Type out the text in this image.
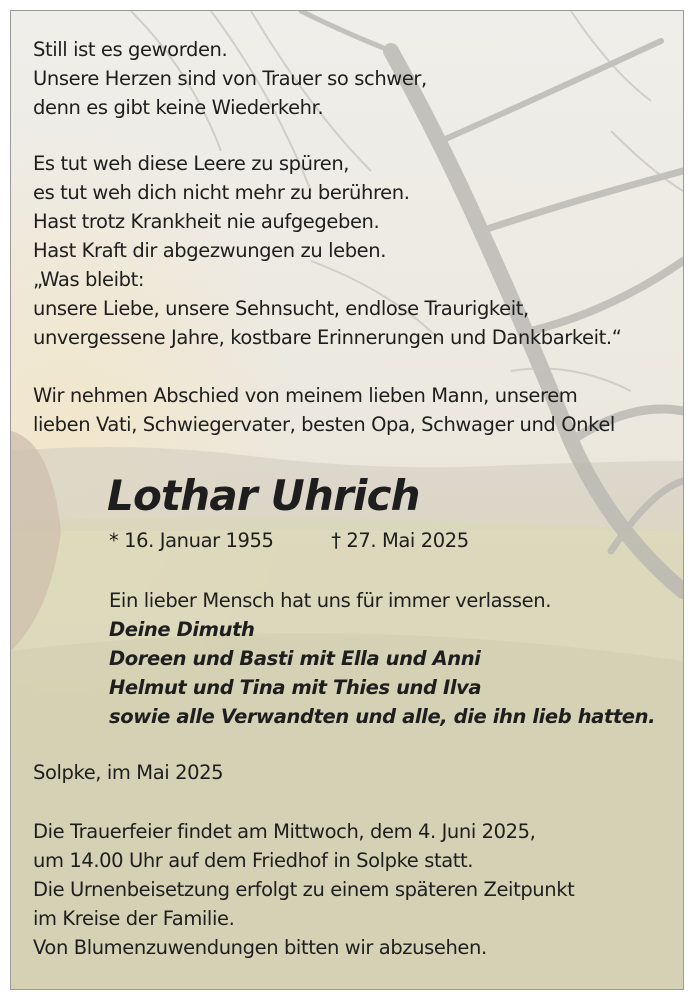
Still ist es geworden.
Unsere Herzen sind von Trauer so schwer,
denn es gibt keine Wiederkehr.
Es tut weh diese Leere zu spüren,
es tut weh dich nicht mehr zu berühren.
Hast trotz Krankheit nie aufgegeben.
Hast Kraft dir abgezwungen zu leben.
„Was bleibt:
unsere Liebe, unsere Sehnsucht, endlose Traurigkeit,
unvergessene Jahre, kostbare Erinnerungen und Dankbarkeit.“
Wir nehmen Abschied von meinem lieben Mann, unserem
lieben Vati, Schwiegervater, besten Opa, Schwager und Onkel
Lothar Uhrich
* 16. Januar 1955	† 27. Mai 2025
Ein lieber Mensch hat uns für immer verlassen.
Deine Dimuth
Doreen und Basti mit Ella und Anni
Helmut und Tina mit Thies und Ilva
sowie alle Verwandten und alle, die ihn lieb hatten.
Solpke, im Mai 2025
Die Trauerfeier findet am Mittwoch, dem 4. Juni 2025,
um 14.00 Uhr auf dem Friedhof in Solpke statt.
Die Urnenbeisetzung erfolgt zu einem späteren Zeitpunkt
im Kreise der Familie.
Von Blumenzuwendungen bitten wir abzusehen.
